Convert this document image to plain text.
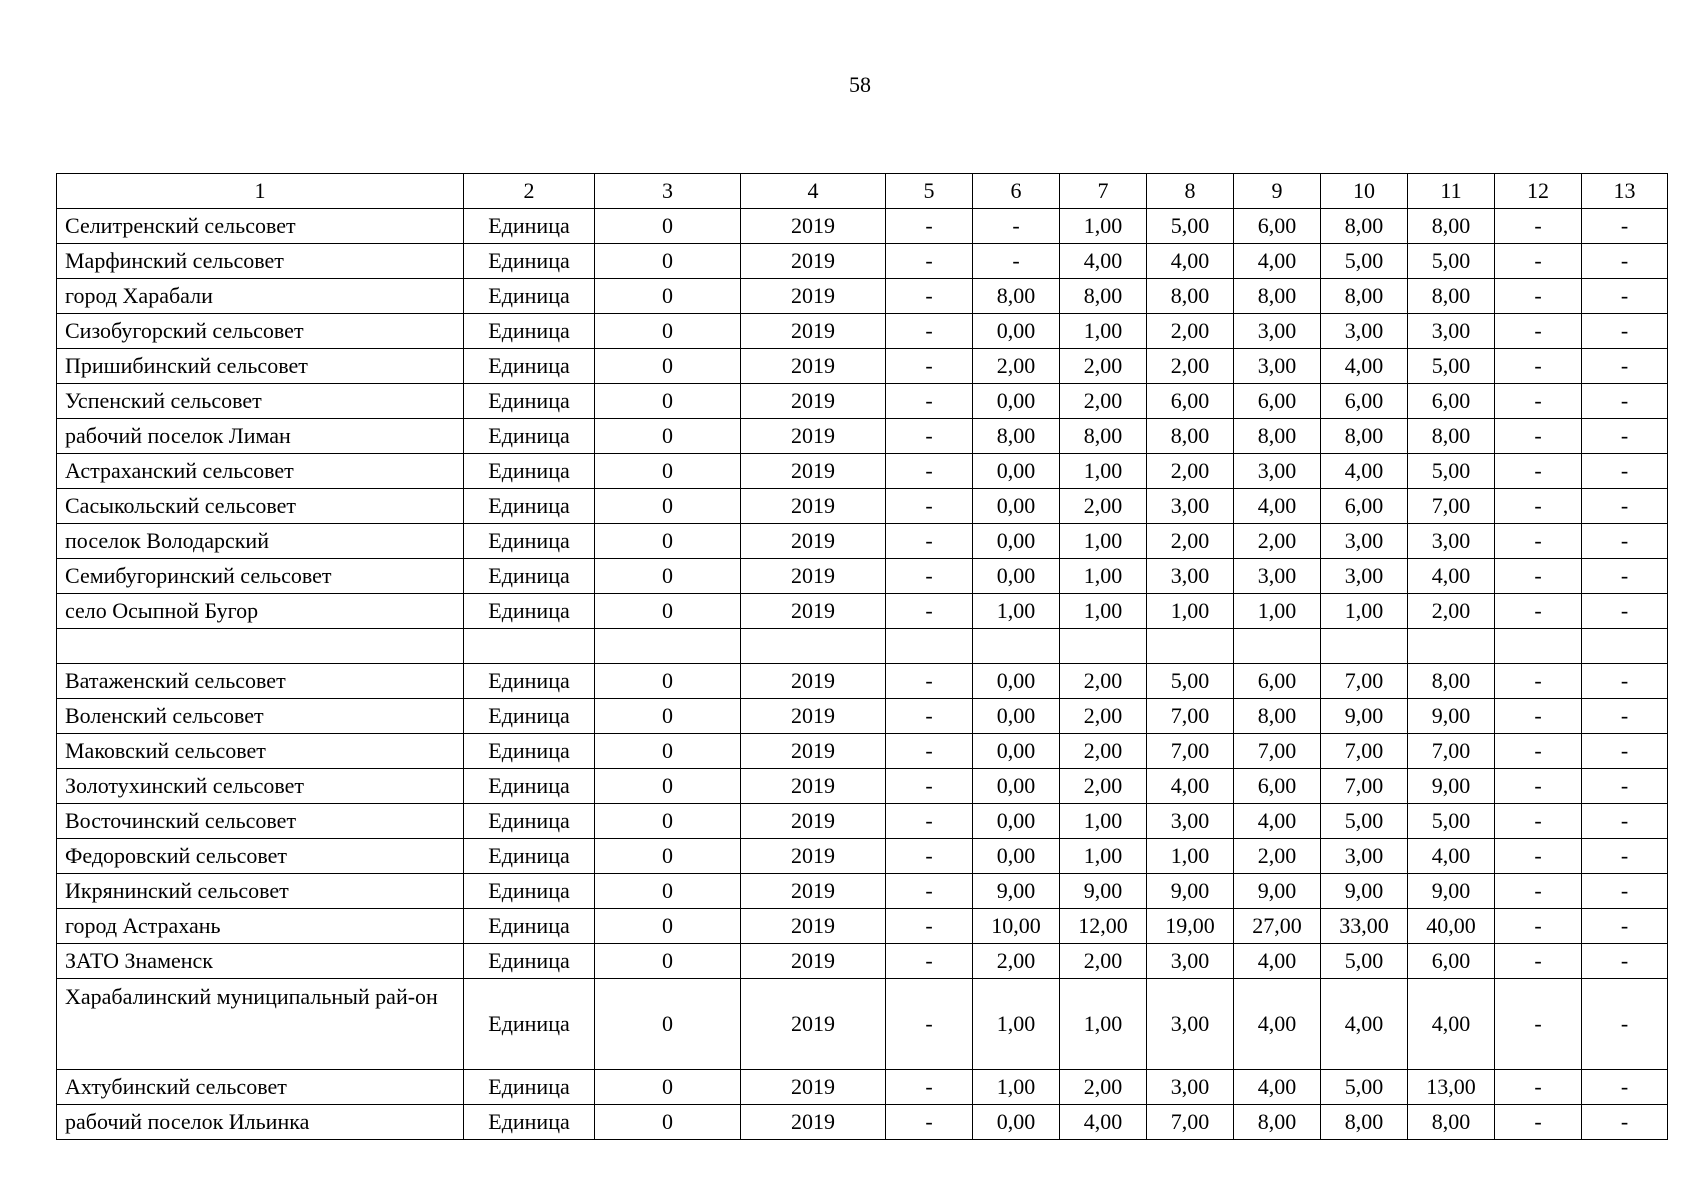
58
1	2	3	4	5	6	7	8	9	10	11	12	13
Селитренский сельсовет	Единица	0	2019	-	-	1,00	5,00	6,00	8,00	8,00	-	-
Марфинский сельсовет	Единица	0	2019	-	-	4,00	4,00	4,00	5,00	5,00	-	-
город Харабали	Единица	0	2019	-	8,00	8,00	8,00	8,00	8,00	8,00	-	-
Сизобугорский сельсовет	Единица	0	2019	-	0,00	1,00	2,00	3,00	3,00	3,00	-	-
Пришибинский сельсовет	Единица	0	2019	-	2,00	2,00	2,00	3,00	4,00	5,00	-	-
Успенский сельсовет	Единица	0	2019	-	0,00	2,00	6,00	6,00	6,00	6,00	-	-
рабочий поселок Лиман	Единица	0	2019	-	8,00	8,00	8,00	8,00	8,00	8,00	-	-
Астраханский сельсовет	Единица	0	2019	-	0,00	1,00	2,00	3,00	4,00	5,00	-	-
Сасыкольский сельсовет	Единица	0	2019	-	0,00	2,00	3,00	4,00	6,00	7,00	-	-
поселок Володарский	Единица	0	2019	-	0,00	1,00	2,00	2,00	3,00	3,00	-	-
Семибугоринский сельсовет	Единица	0	2019	-	0,00	1,00	3,00	3,00	3,00	4,00	-	-
село Осыпной Бугор	Единица	0	2019	-	1,00	1,00	1,00	1,00	1,00	2,00	-	-

Ватаженский сельсовет	Единица	0	2019	-	0,00	2,00	5,00	6,00	7,00	8,00	-	-
Воленский сельсовет	Единица	0	2019	-	0,00	2,00	7,00	8,00	9,00	9,00	-	-
Маковский сельсовет	Единица	0	2019	-	0,00	2,00	7,00	7,00	7,00	7,00	-	-
Золотухинский сельсовет	Единица	0	2019	-	0,00	2,00	4,00	6,00	7,00	9,00	-	-
Восточинский сельсовет	Единица	0	2019	-	0,00	1,00	3,00	4,00	5,00	5,00	-	-
Федоровский сельсовет	Единица	0	2019	-	0,00	1,00	1,00	2,00	3,00	4,00	-	-
Икрянинский сельсовет	Единица	0	2019	-	9,00	9,00	9,00	9,00	9,00	9,00	-	-
город Астрахань	Единица	0	2019	-	10,00	12,00	19,00	27,00	33,00	40,00	-	-
ЗАТО Знаменск	Единица	0	2019	-	2,00	2,00	3,00	4,00	5,00	6,00	-	-
Харабалинский муниципальный рай-он	Единица	0	2019	-	1,00	1,00	3,00	4,00	4,00	4,00	-	-
Ахтубинский сельсовет	Единица	0	2019	-	1,00	2,00	3,00	4,00	5,00	13,00	-	-
рабочий поселок Ильинка	Единица	0	2019	-	0,00	4,00	7,00	8,00	8,00	8,00	-	-
